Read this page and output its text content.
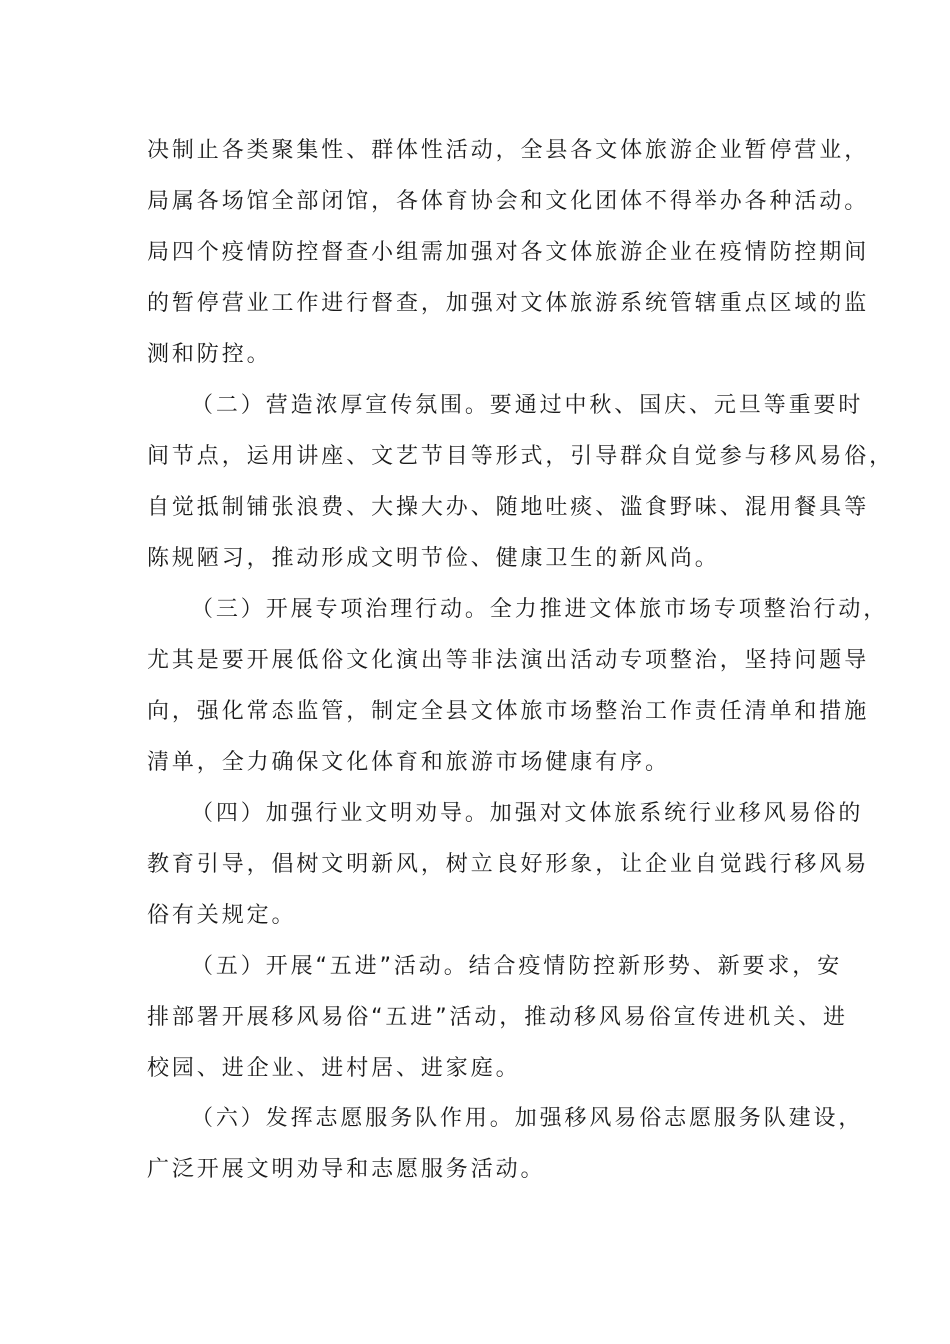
决制止各类聚集性、群体性活动，全县各文体旅游企业暂停营业，

局属各场馆全部闭馆，各体育协会和文化团体不得举办各种活动。

局四个疫情防控督查小组需加强对各文体旅游企业在疫情防控期间

的暂停营业工作进行督查，加强对文体旅游系统管辖重点区域的监

测和防控。

（二）营造浓厚宣传氛围。要通过中秋、国庆、元旦等重要时

间节点，运用讲座、文艺节目等形式，引导群众自觉参与移风易俗，

自觉抵制铺张浪费、大操大办、随地吐痰、滥食野味、混用餐具等

陈规陋习，推动形成文明节俭、健康卫生的新风尚。

（三）开展专项治理行动。全力推进文体旅市场专项整治行动，

尤其是要开展低俗文化演出等非法演出活动专项整治，坚持问题导

向，强化常态监管，制定全县文体旅市场整治工作责任清单和措施

清单，全力确保文化体育和旅游市场健康有序。

（四）加强行业文明劝导。加强对文体旅系统行业移风易俗的

教育引导，倡树文明新风，树立良好形象，让企业自觉践行移风易

俗有关规定。

（五）开展“五进”活动。结合疫情防控新形势、新要求，安

排部署开展移风易俗“五进”活动，推动移风易俗宣传进机关、进

校园、进企业、进村居、进家庭。

（六）发挥志愿服务队作用。加强移风易俗志愿服务队建设，

广泛开展文明劝导和志愿服务活动。
